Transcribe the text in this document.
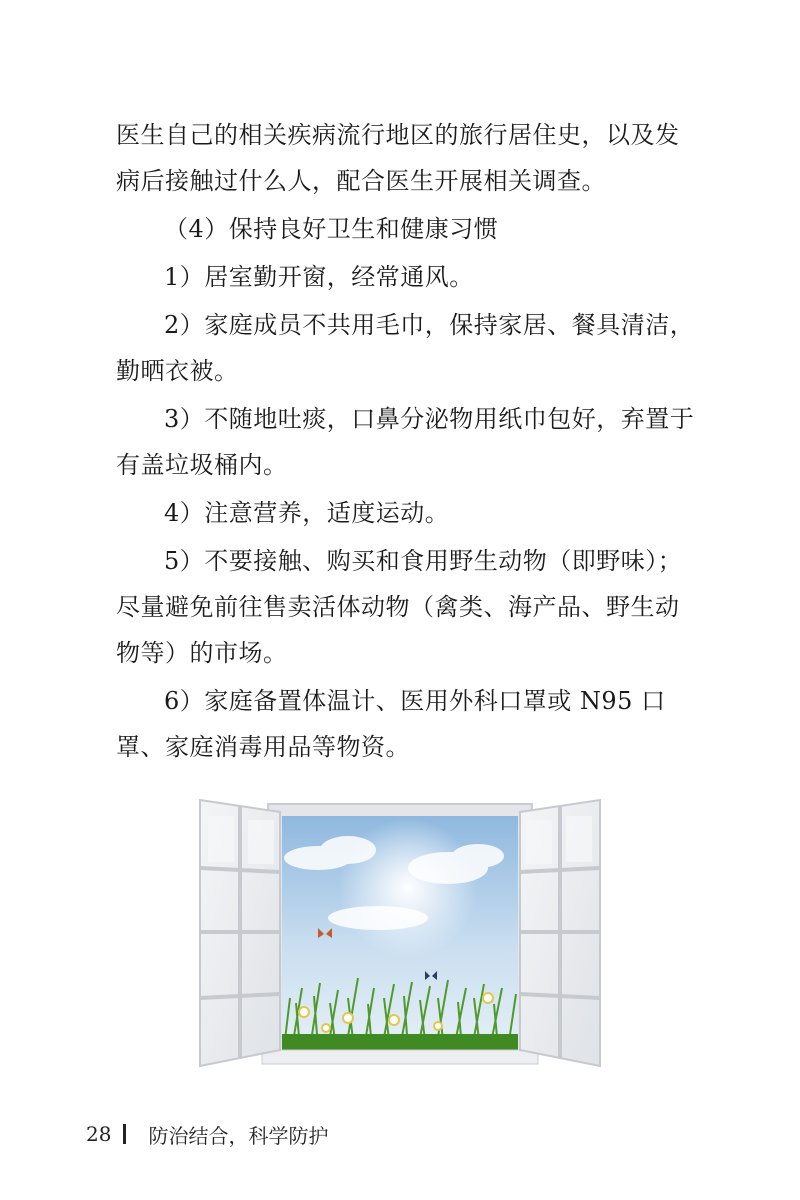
医生自己的相关疾病流行地区的旅行居住史，以及发病后接触过什么人，配合医生开展相关调查。

（4）保持良好卫生和健康习惯

1）居室勤开窗，经常通风。

2）家庭成员不共用毛巾，保持家居、餐具清洁，勤晒衣被。

3）不随地吐痰，口鼻分泌物用纸巾包好，弃置于有盖垃圾桶内。

4）注意营养，适度运动。

5）不要接触、购买和食用野生动物（即野味）；尽量避免前往售卖活体动物（禽类、海产品、野生动物等）的市场。

6）家庭备置体温计、医用外科口罩或 N95 口罩、家庭消毒用品等物资。

28 防治结合，科学防护
